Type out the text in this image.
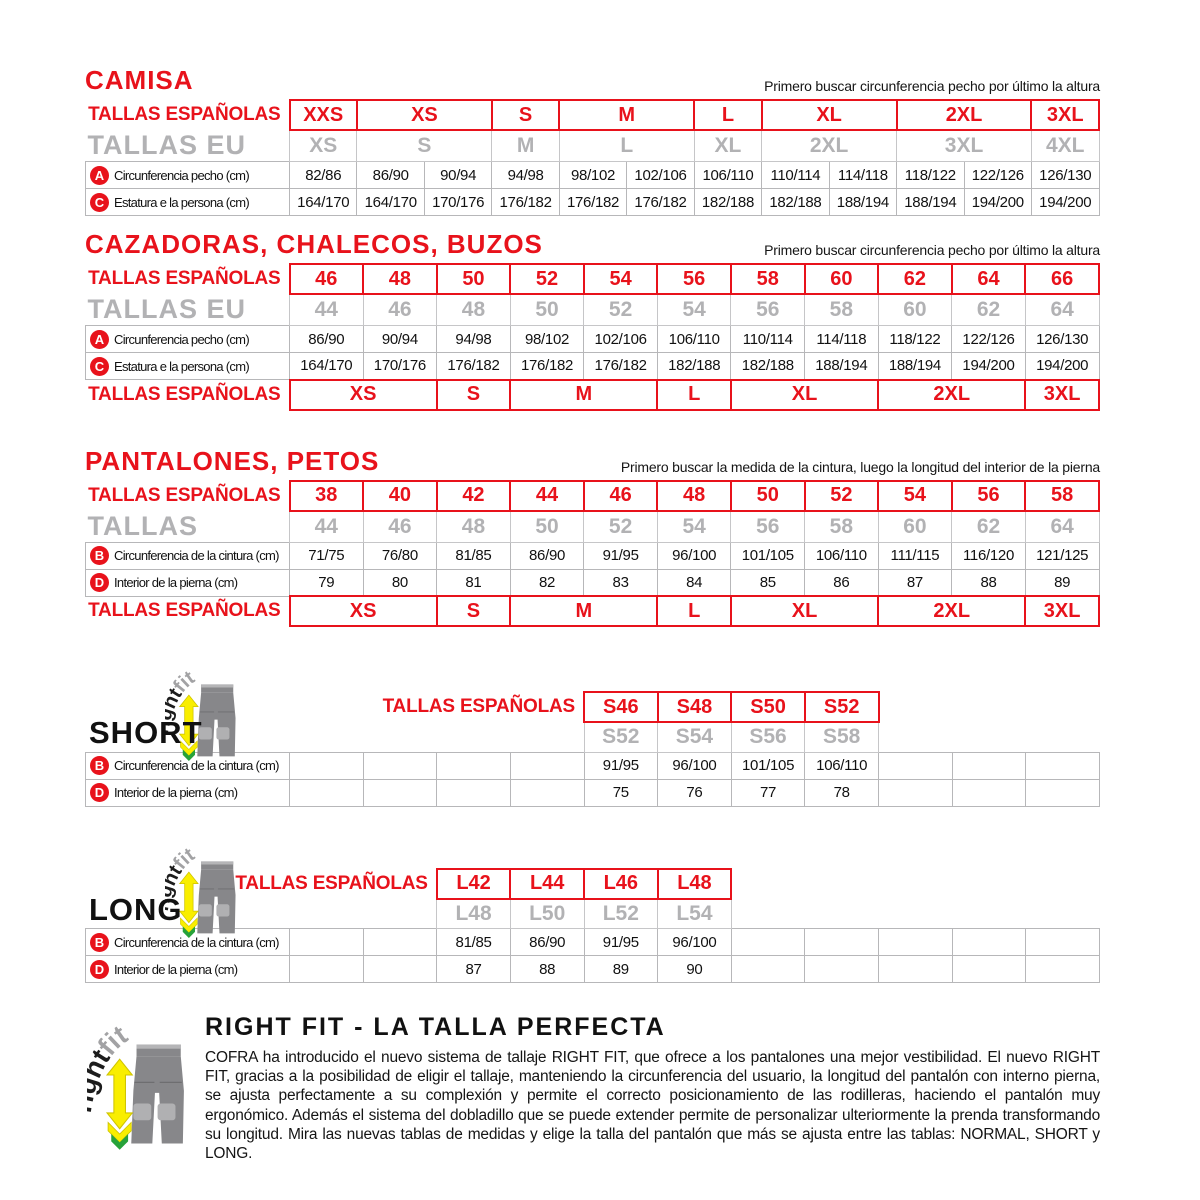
CAMISA	Primero buscar circunferencia pecho por último la altura
TALLAS ESPAÑOLAS	XXS	XS		S	M		L	XL		2XL		3XL
TALLAS EU	XS	S		M	L		XL	2XL		3XL		4XL
A Circunferencia pecho (cm)	82/86	86/90	90/94	94/98	98/102	102/106	106/110	110/114	114/118	118/122	122/126	126/130
C Estatura e la persona (cm)	164/170	164/170	170/176	176/182	176/182	176/182	182/188	182/188	188/194	188/194	194/200	194/200
CAZADORAS, CHALECOS, BUZOS	Primero buscar circunferencia pecho por último la altura
TALLAS ESPAÑOLAS	46	48	50	52	54	56	58	60	62	64	66
TALLAS EU	44	46	48	50	52	54	56	58	60	62	64
A Circunferencia pecho (cm)	86/90	90/94	94/98	98/102	102/106	106/110	110/114	114/118	118/122	122/126	126/130
C Estatura e la persona (cm)	164/170	170/176	176/182	176/182	176/182	182/188	182/188	188/194	188/194	194/200	194/200
TALLAS ESPAÑOLAS	XS		S	M		L	XL		2XL		3XL
PANTALONES, PETOS	Primero buscar la medida de la cintura, luego la longitud del interior de la pierna
TALLAS ESPAÑOLAS	38	40	42	44	46	48	50	52	54	56	58
TALLAS	44	46	48	50	52	54	56	58	60	62	64
B Circunferencia de la cintura (cm)	71/75	76/80	81/85	86/90	91/95	96/100	101/105	106/110	111/115	116/120	121/125
D Interior de la pierna (cm)	79	80	81	82	83	84	85	86	87	88	89
TALLAS ESPAÑOLAS	XS		S	M		L	XL		2XL		3XL
SHORT
TALLAS ESPAÑOLAS					S46	S48	S50	S52			
					S52	S54	S56	S58			
B Circunferencia de la cintura (cm)					91/95	96/100	101/105	106/110			
D Interior de la pierna (cm)					75	76	77	78			
LONG
TALLAS ESPAÑOLAS			L42	L44	L46	L48					
			L48	L50	L52	L54					
B Circunferencia de la cintura (cm)			81/85	86/90	91/95	96/100					
D Interior de la pierna (cm)			87	88	89	90					
RIGHT FIT - LA TALLA PERFECTA
COFRA ha introducido el nuevo sistema de tallaje RIGHT FIT, que ofrece a los pantalones una mejor vestibilidad. El nuevo RIGHT FIT, gracias a la posibilidad de eligir el tallaje, manteniendo la circunferencia del usuario, la longitud del pantalón con interno pierna, se ajusta perfectamente a su complexión y permite el correcto posicionamiento de las rodilleras, haciendo el pantalón muy ergonómico. Además el sistema del dobladillo que se puede extender permite de personalizar ulteriormente la prenda transformando su longitud. Mira las nuevas tablas de medidas y elige la talla del pantalón que más se ajusta entre las tablas: NORMAL, SHORT y LONG.
